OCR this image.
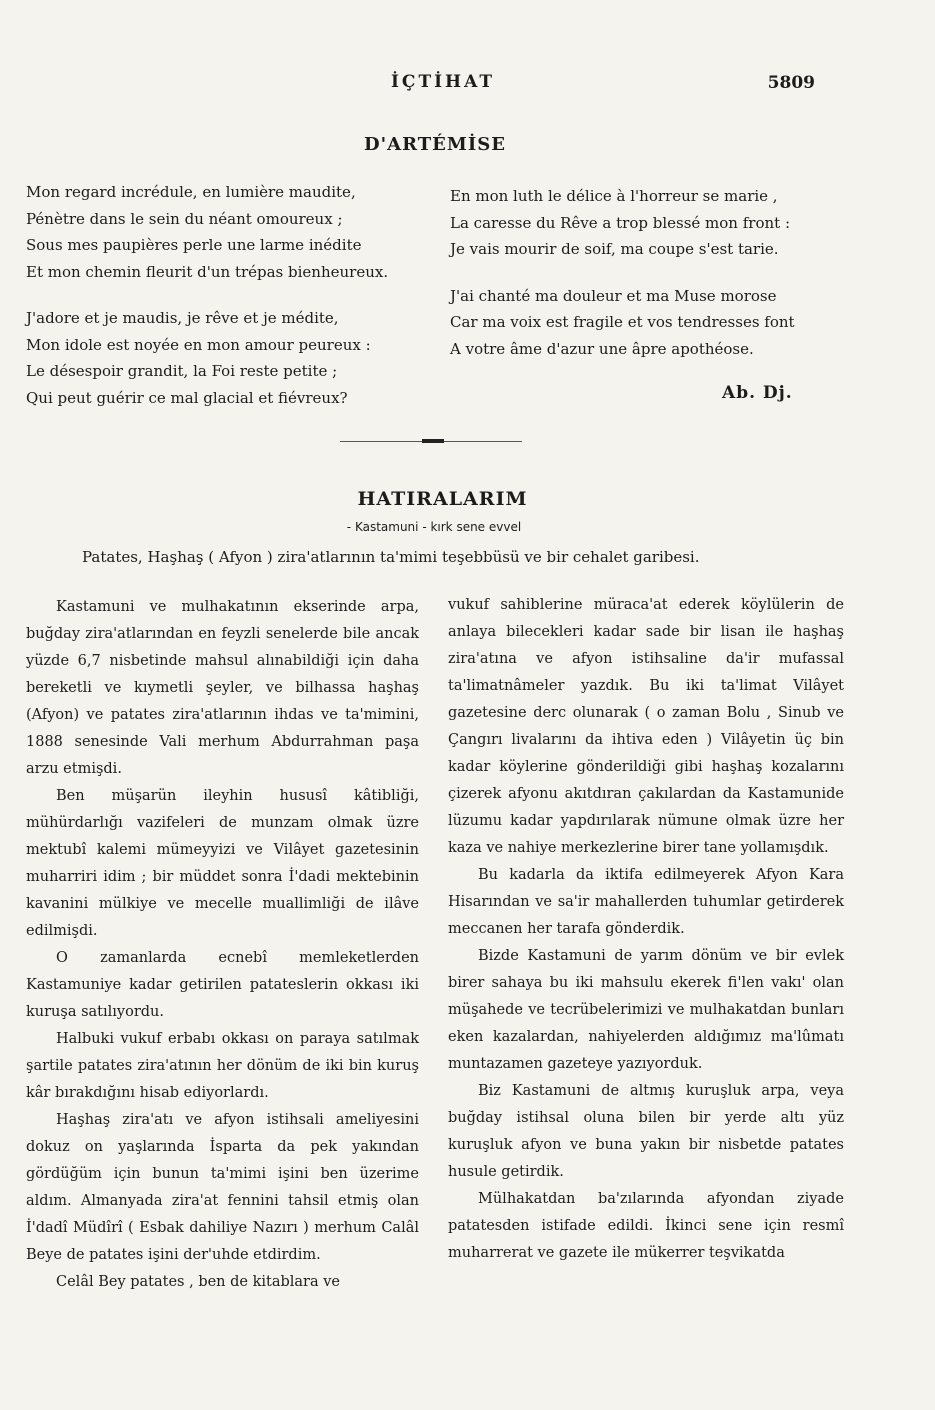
İÇTİHAT	5809
D'ARTÉMİSE
Mon regard incrédule, en lumière maudite,
Pénètre dans le sein du néant omoureux ;
Sous mes paupières perle une larme inédite
Et mon chemin fleurit d'un trépas bienheureux.
J'adore et je maudis, je rêve et je médite,
Mon idole est noyée en mon amour peureux :
Le désespoir grandit, la Foi reste petite ;
Qui peut guérir ce mal glacial et fiévreux?
En mon luth le délice à l'horreur se marie ,
La caresse du Rêve a trop blessé mon front :
Je vais mourir de soif, ma coupe s'est tarie.
J'ai chanté ma douleur et ma Muse morose
Car ma voix est fragile et vos tendresses font
A votre âme d'azur une âpre apothéose.
Ab. Dj.
HATIRALARIM
- Kastamuni - kırk sene evvel
Patates, Haşhaş ( Afyon ) zira'atlarının ta'mimi teşebbüsü ve bir cehalet garibesi.

Kastamuni ve mulhakatının ekserinde arpa, buğday zira'atlarından en feyzli senelerde bile ancak yüzde 6,7 nisbetinde mahsul alınabildiği için daha bereketli ve kıymetli şeyler, ve bilhassa haşhaş (Afyon) ve patates zira'atlarının ihdas ve ta'mimini, 1888 senesinde Vali merhum Abdurrahman paşa arzu etmişdi.

Ben müşarün ileyhin hususî kâtibliği, mühürdarlığı vazifeleri de munzam olmak üzre mektubî kalemi mümeyyizi ve Vilâyet gazetesinin muharriri idim ; bir müddet sonra İ'dadi mektebinin kavanini mülkiye ve mecelle muallimliği de ilâve edilmişdi.

O zamanlarda ecnebî memleketlerden Kastamuniye kadar getirilen patateslerin okkası iki kuruşa satılıyordu.

Halbuki vukuf erbabı okkası on paraya satılmak şartile patates zira'atının her dönüm de iki bin kuruş kâr bırakdığını hisab ediyorlardı.

Haşhaş zira'atı ve afyon istihsali ameliyesini dokuz on yaşlarında İsparta da pek yakından gördüğüm için bunun ta'mimi işini ben üzerime aldım. Almanyada zira'at fennini tahsil etmiş olan İ'dadî Müdîrî ( Esbak dahiliye Nazırı ) merhum Calâl Beye de patates işini der'uhde etdirdim.

Celâl Bey patates , ben de kitablara ve

vukuf sahiblerine müraca'at ederek köylülerin de anlaya bilecekleri kadar sade bir lisan ile haşhaş zira'atına ve afyon istihsaline da'ir mufassal ta'limatnâmeler yazdık. Bu iki ta'limat Vilâyet gazetesine derc olunarak ( o zaman Bolu , Sinub ve Çangırı livalarını da ihtiva eden ) Vilâyetin üç bin kadar köylerine gönderildiği gibi haşhaş kozalarını çizerek afyonu akıtdıran çakılardan da Kastamunide lüzumu kadar yapdırılarak nümune olmak üzre her kaza ve nahiye merkezlerine birer tane yollamışdık.

Bu kadarla da iktifa edilmeyerek Afyon Kara Hisarından ve sa'ir mahallerden tuhumlar getirderek meccanen her tarafa gönderdik.

Bizde Kastamuni de yarım dönüm ve bir evlek birer sahaya bu iki mahsulu ekerek fi'len vakı' olan müşahede ve tecrübelerimizi ve mulhakatdan bunları eken kazalardan, nahiyelerden aldığımız ma'lûmatı muntazamen gazeteye yazıyorduk.

Biz Kastamuni de altmış kuruşluk arpa, veya buğday istihsal oluna bilen bir yerde altı yüz kuruşluk afyon ve buna yakın bir nisbetde patates husule getirdik.

Mülhakatdan ba'zılarında afyondan ziyade patatesden istifade edildi. İkinci sene için resmî muharrerat ve gazete ile mükerrer teşvikatda
